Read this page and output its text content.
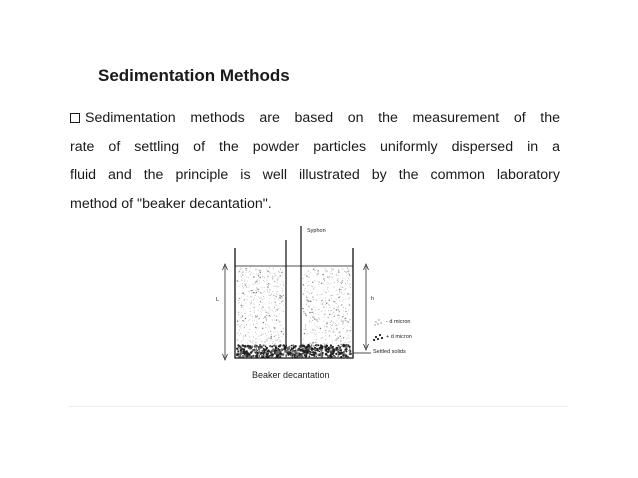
Sedimentation Methods
Sedimentation methods are based on the measurement of the
rate of settling of the powder particles uniformly dispersed in a
fluid and the principle is well illustrated by the common laboratory
method of "beaker decantation".
Syphon
L	h
- d micron
+ d micron
Settled solids
Beaker decantation
